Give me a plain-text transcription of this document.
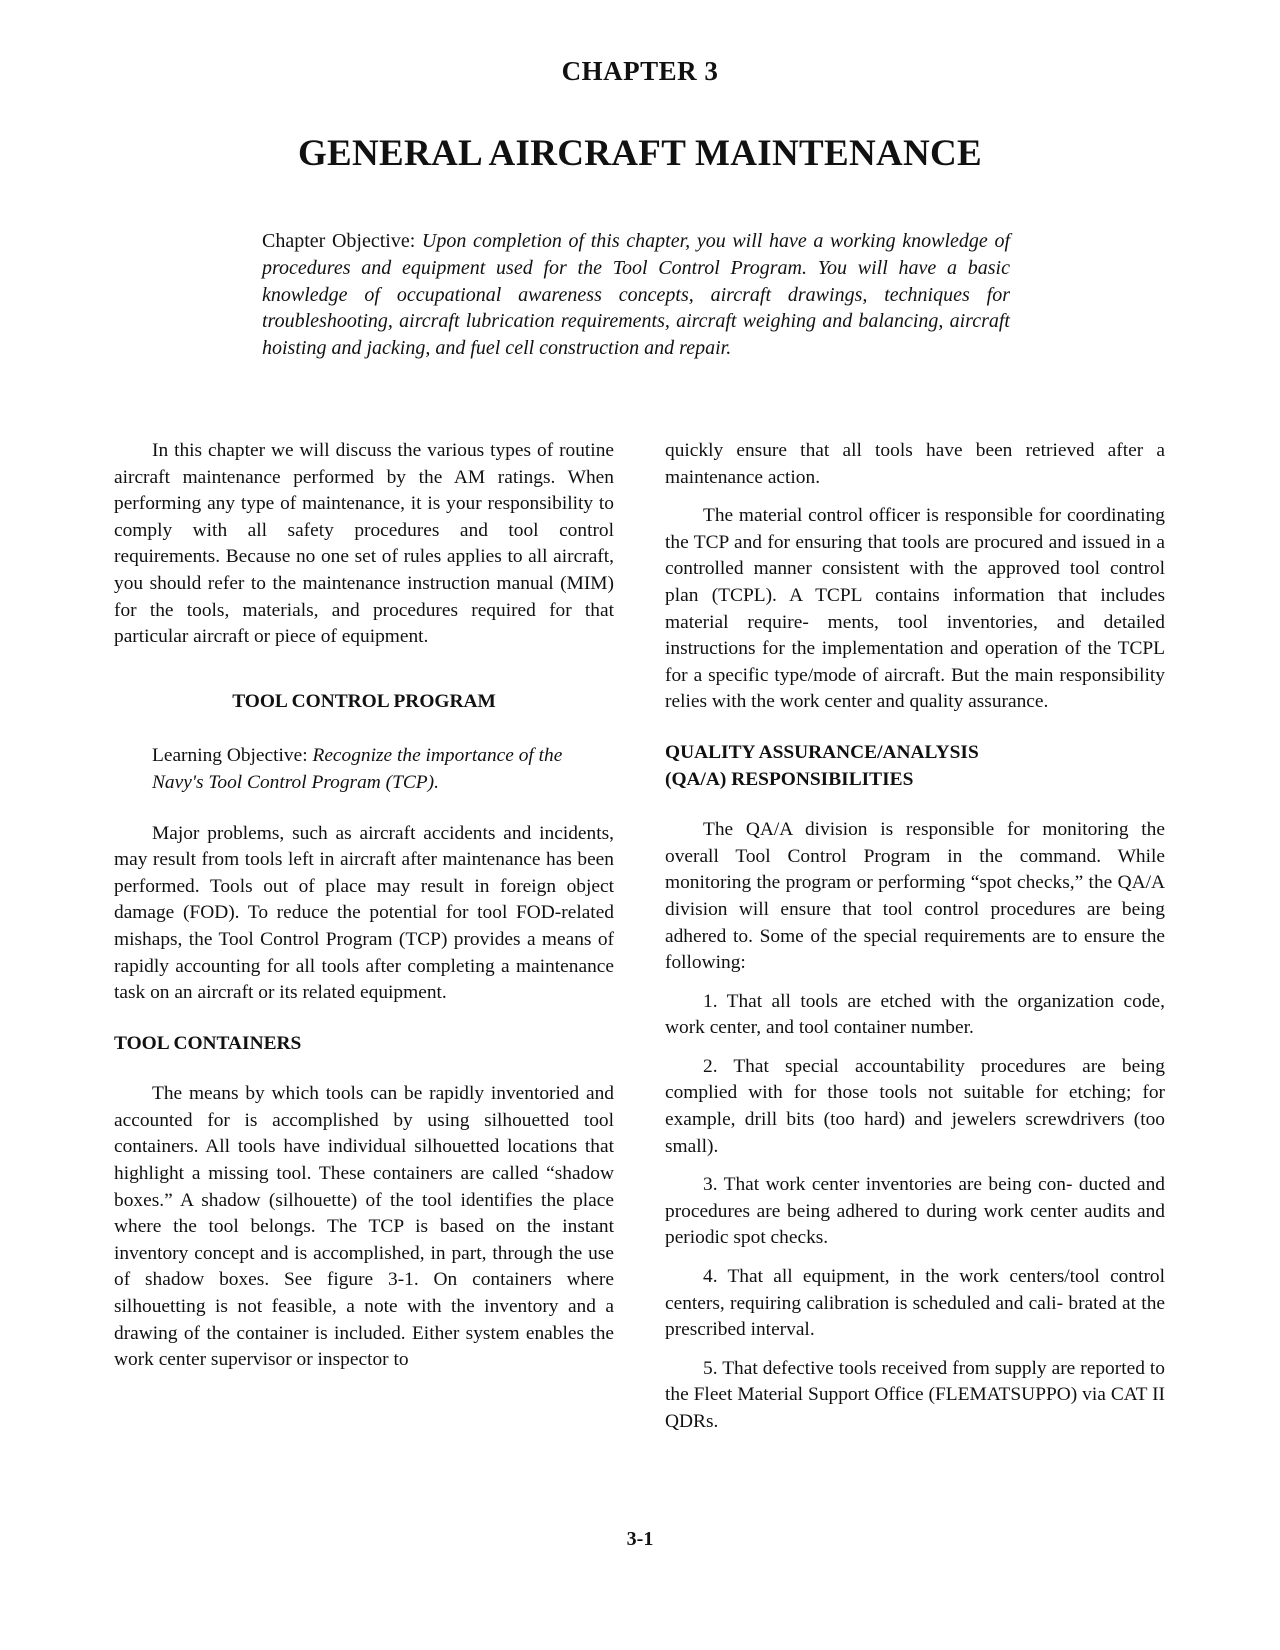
CHAPTER 3
GENERAL AIRCRAFT MAINTENANCE
Chapter Objective: Upon completion of this chapter, you will have a working knowledge of procedures and equipment used for the Tool Control Program. You will have a basic knowledge of occupational awareness concepts, aircraft drawings, techniques for troubleshooting, aircraft lubrication requirements, aircraft weighing and balancing, aircraft hoisting and jacking, and fuel cell construction and repair.

In this chapter we will discuss the various types of routine aircraft maintenance performed by the AM ratings. When performing any type of maintenance, it is your responsibility to comply with all safety procedures and tool control requirements. Because no one set of rules applies to all aircraft, you should refer to the maintenance instruction manual (MIM) for the tools, materials, and procedures required for that particular aircraft or piece of equipment.

TOOL CONTROL PROGRAM
Learning Objective: Recognize the importance of the Navy's Tool Control Program (TCP).

Major problems, such as aircraft accidents and incidents, may result from tools left in aircraft after maintenance has been performed. Tools out of place may result in foreign object damage (FOD). To reduce the potential for tool FOD-related mishaps, the Tool Control Program (TCP) provides a means of rapidly accounting for all tools after completing a maintenance task on an aircraft or its related equipment.

TOOL CONTAINERS

The means by which tools can be rapidly inventoried and accounted for is accomplished by using silhouetted tool containers. All tools have individual silhouetted locations that highlight a missing tool. These containers are called “shadow boxes.” A shadow (silhouette) of the tool identifies the place where the tool belongs. The TCP is based on the instant inventory concept and is accomplished, in part, through the use of shadow boxes. See figure 3-1. On containers where silhouetting is not feasible, a note with the inventory and a drawing of the container is included. Either system enables the work center supervisor or inspector to

quickly ensure that all tools have been retrieved after a maintenance action.

The material control officer is responsible for coordinating the TCP and for ensuring that tools are procured and issued in a controlled manner consistent with the approved tool control plan (TCPL). A TCPL contains information that includes material require- ments, tool inventories, and detailed instructions for the implementation and operation of the TCPL for a specific type/mode of aircraft. But the main responsibility relies with the work center and quality assurance.

QUALITY ASSURANCE/ANALYSIS
(QA/A) RESPONSIBILITIES

The QA/A division is responsible for monitoring the overall Tool Control Program in the command. While monitoring the program or performing “spot checks,” the QA/A division will ensure that tool control procedures are being adhered to. Some of the special requirements are to ensure the following:

1. That all tools are etched with the organization code, work center, and tool container number.

2. That special accountability procedures are being complied with for those tools not suitable for etching; for example, drill bits (too hard) and jewelers screwdrivers (too small).

3. That work center inventories are being con- ducted and procedures are being adhered to during work center audits and periodic spot checks.

4. That all equipment, in the work centers/tool control centers, requiring calibration is scheduled and cali- brated at the prescribed interval.

5. That defective tools received from supply are reported to the Fleet Material Support Office (FLEMATSUPPO) via CAT II QDRs.

3-1
